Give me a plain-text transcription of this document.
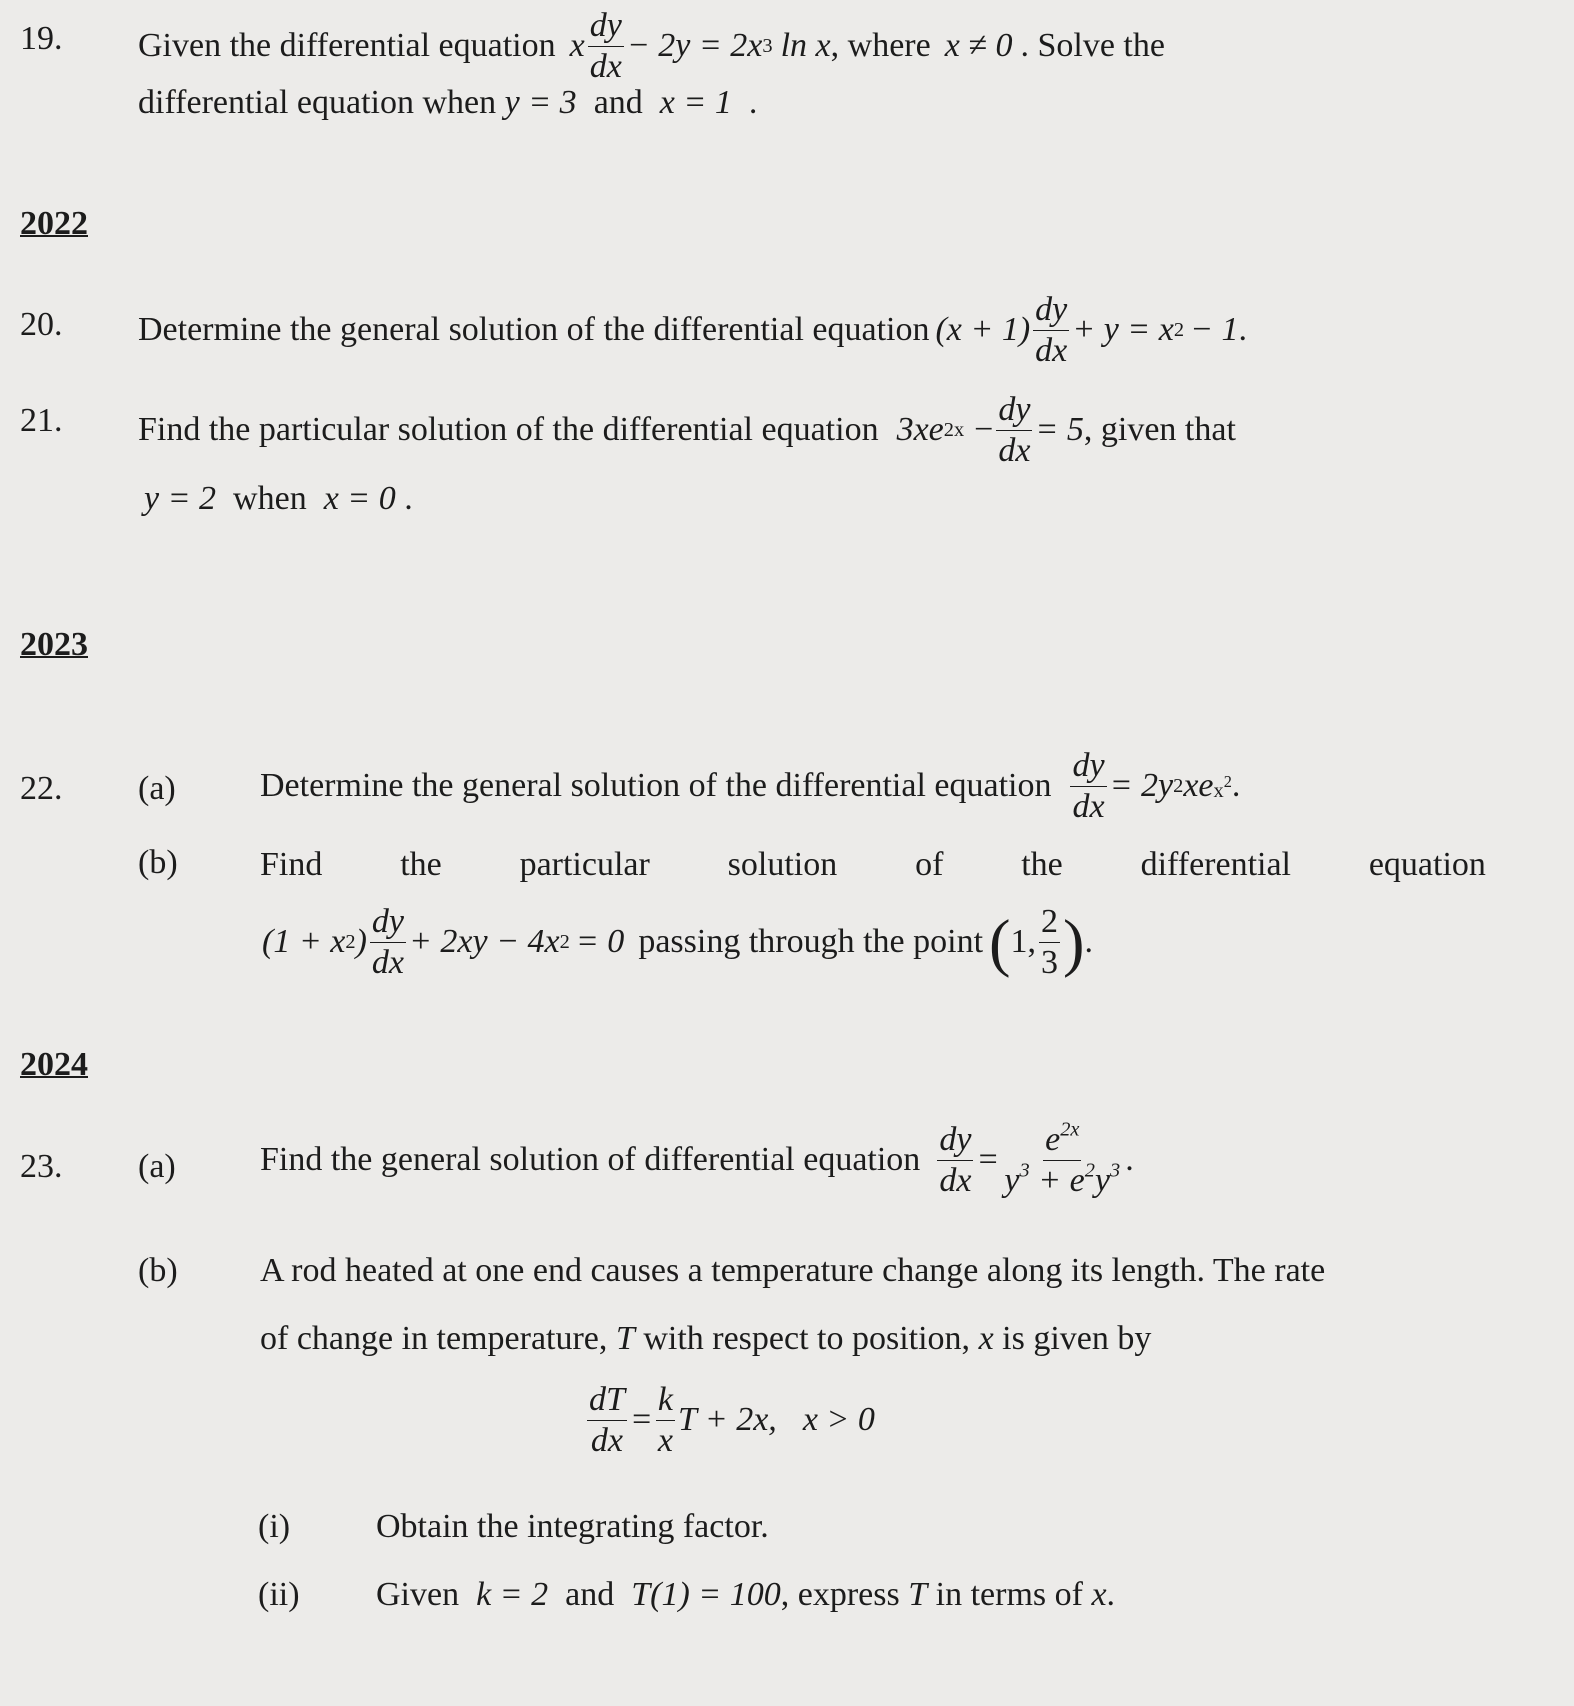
19. Given the differential equation x $\frac{dy}{dx} - 2y = 2x$ 3 ln x , where x ≠ 0 . Solve the
differential equation when y = 3 and x = 1 .
2022
20. Determine the general solution of the differential equation $(x + 1) \frac{dy}{dx} + y = x$ 2 − 1 .
21. Find the particular solution of the differential equation 3xe $2x - \frac{dy}{dx} = 5$ , given that
y = 2 when x = 0 .
2023
22. (a) Determine the general solution of the differential equation $\frac{dy}{dx} = 2y$ 2 xe $x^2$ .
(b) Find the particular solution of the differential equation
(1 + x 2 ) $\frac{dy}{dx} + 2xy - 4x$ 2 = 0 passing through the point ( 1, $\frac{2}{3}$ ) .
2024
23. (a) Find the general solution of differential equation $\frac{dy}{dx} = \frac{e^{2x}}{y^3 + e^2y^3}$ .
(b) A rod heated at one end causes a temperature change along its length. The rate
of change in temperature, T with respect to position, x is given by
$\frac{dT}{dx} = \frac{k}{x}$ T + 2x, x > 0
(i)	Obtain the integrating factor.
(ii) Given k = 2 and T(1) = 100, express T in terms of x.
